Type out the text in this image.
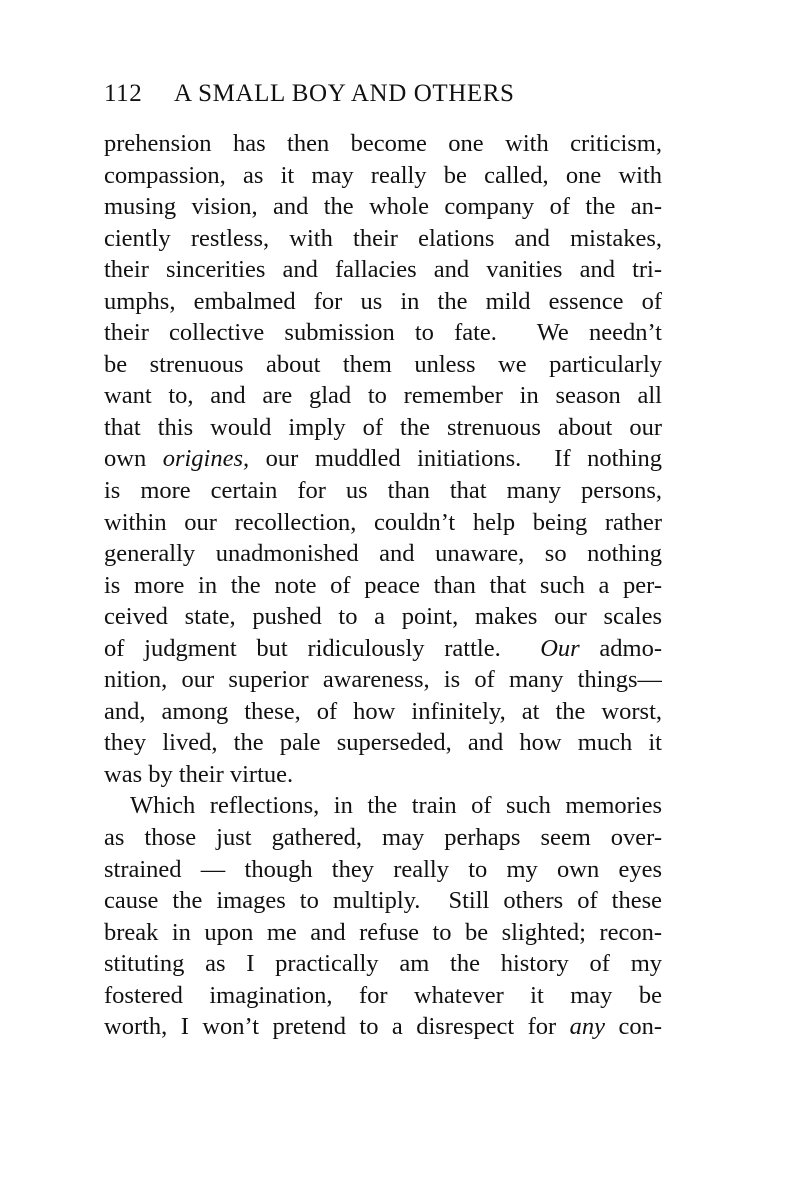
112 A SMALL BOY AND OTHERS
prehension has then become one with criticism,
compassion, as it may really be called, one with
musing vision, and the whole company of the an-
ciently restless, with their elations and mistakes,
their sincerities and fallacies and vanities and tri-
umphs, embalmed for us in the mild essence of
their collective submission to fate.  We needn’t
be strenuous about them unless we particularly
want to, and are glad to remember in season all
that this would imply of the strenuous about our
own origines, our muddled initiations.  If nothing
is more certain for us than that many persons,
within our recollection, couldn’t help being rather
generally unadmonished and unaware, so nothing
is more in the note of peace than that such a per-
ceived state, pushed to a point, makes our scales
of judgment but ridiculously rattle.  Our admo-
nition, our superior awareness, is of many things—
and, among these, of how infinitely, at the worst,
they lived, the pale superseded, and how much it
was by their virtue.
Which reflections, in the train of such memories
as those just gathered, may perhaps seem over-
strained — though they really to my own eyes
cause the images to multiply.  Still others of these
break in upon me and refuse to be slighted; recon-
stituting as I practically am the history of my
fostered imagination, for whatever it may be
worth, I won’t pretend to a disrespect for any con-
